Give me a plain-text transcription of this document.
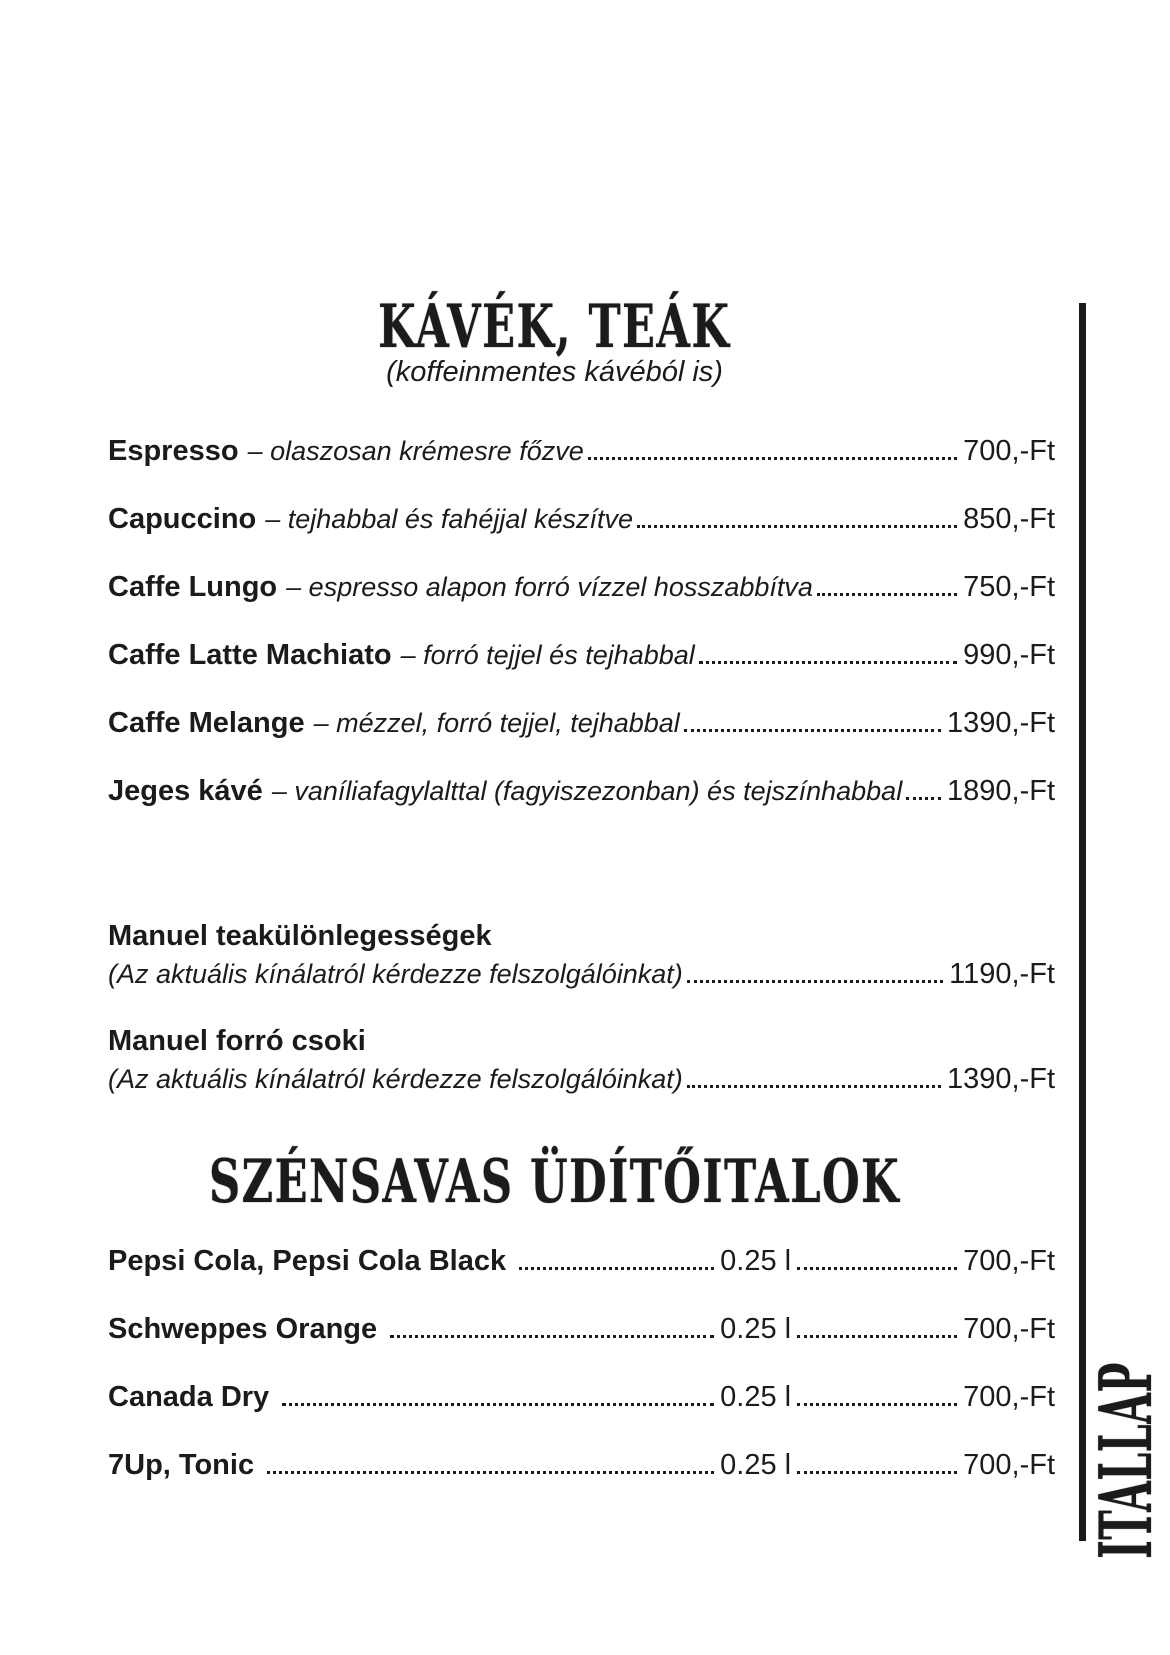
KÁVÉK, TEÁK
(koffeinmentes kávéból is)
Espresso – olaszosan krémesre főzve	700,-Ft
Capuccino – tejhabbal és fahéjjal készítve	850,-Ft
Caffe Lungo – espresso alapon forró vízzel hosszabbítva	750,-Ft
Caffe Latte Machiato – forró tejjel és tejhabbal	990,-Ft
Caffe Melange – mézzel, forró tejjel, tejhabbal	1390,-Ft
Jeges kávé – vaníliafagylalttal (fagyiszezonban) és tejszínhabbal 1890,-Ft
Manuel teakülönlegességek
(Az aktuális kínálatról kérdezze felszolgálóinkat)	1190,-Ft
Manuel forró csoki
(Az aktuális kínálatról kérdezze felszolgálóinkat)	1390,-Ft
SZÉNSAVAS ÜDÍTŐITALOK
Pepsi Cola, Pepsi Cola Black	0.25 l	700,-Ft
Schweppes Orange	0.25 l	700,-Ft
Canada Dry	0.25 l	700,-Ft
7Up, Tonic	0.25 l	700,-Ft ITALLAP
